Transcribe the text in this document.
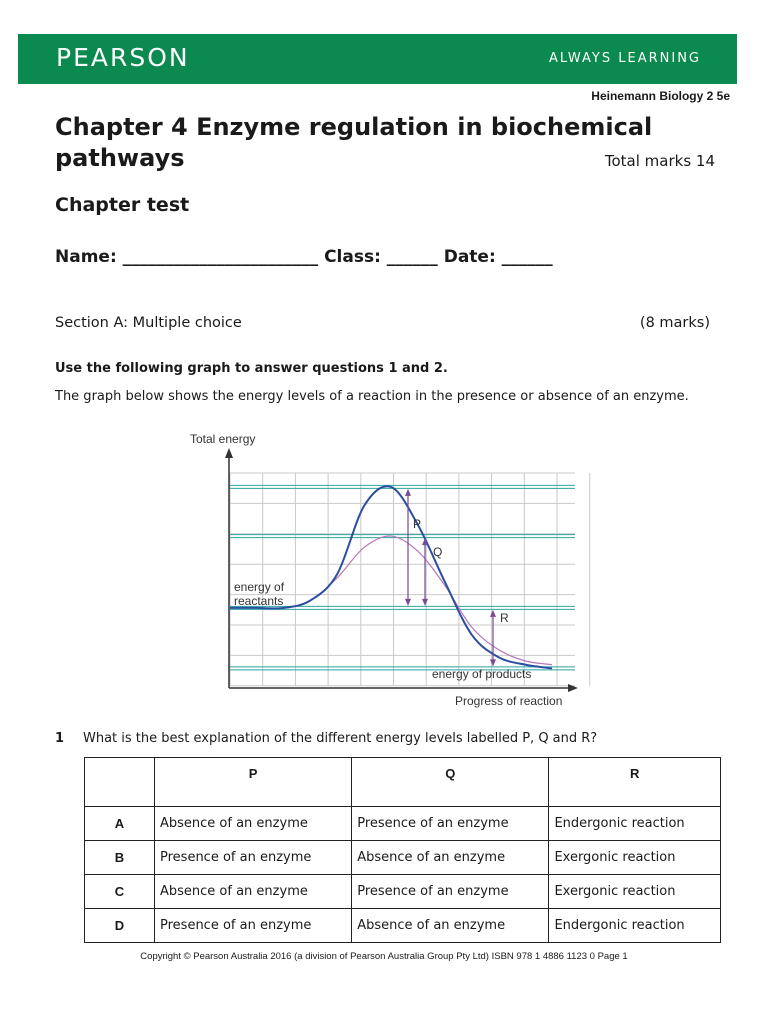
PEARSON	ALWAYS LEARNING
Heinemann Biology 2 5e
Chapter 4 Enzyme regulation in biochemical pathways	Total marks 14
Chapter test
Name: _______________________ Class: ______ Date: ______
Section A: Multiple choice	(8 marks)
Use the following graph to answer questions 1 and 2.
The graph below shows the energy levels of a reaction in the presence or absence of an enzyme.
Total energy
Progress of reaction
energy of
reactants
energy of products
P
Q
R
1 What is the best explanation of the different energy levels labelled P, Q and R?
	P	Q	R
A	Absence of an enzyme	Presence of an enzyme	Endergonic reaction
B	Presence of an enzyme	Absence of an enzyme	Exergonic reaction
C	Absence of an enzyme	Presence of an enzyme	Exergonic reaction
D	Presence of an enzyme	Absence of an enzyme	Endergonic reaction
Copyright © Pearson Australia 2016 (a division of Pearson Australia Group Pty Ltd) ISBN 978 1 4886 1123 0 Page 1
